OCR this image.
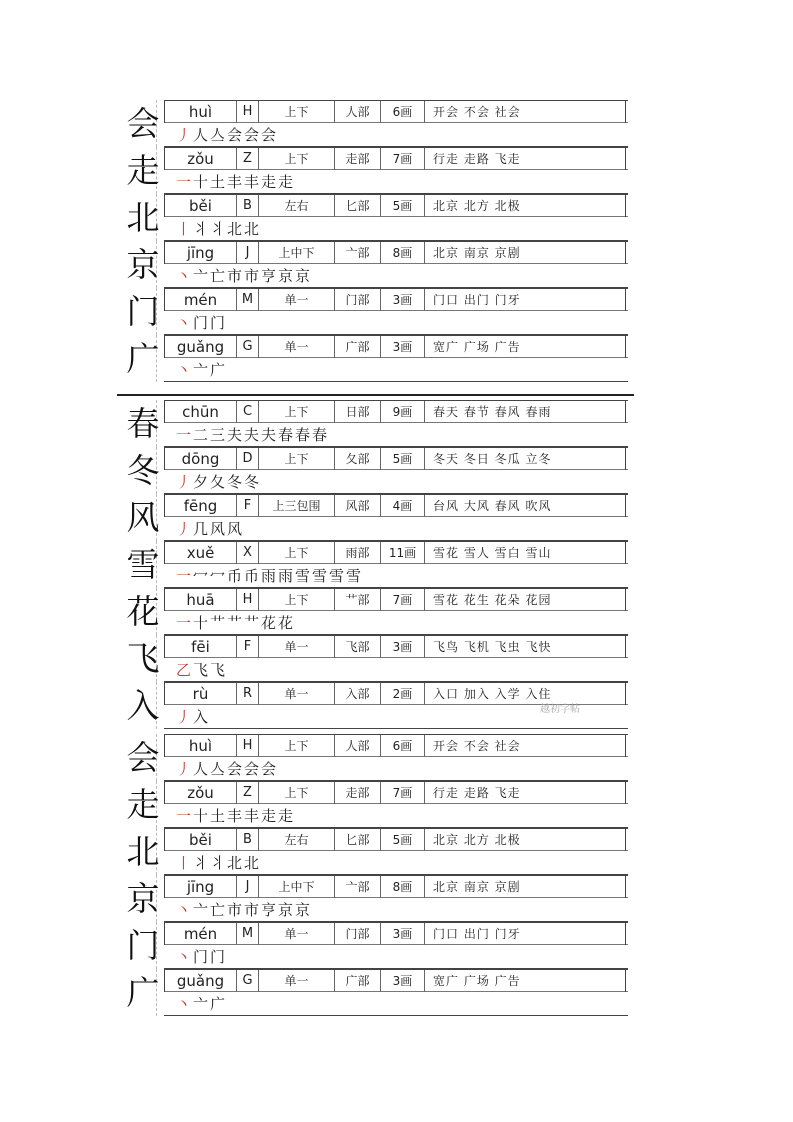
会	huì	H	上下	人部	6画	开会 不会 社会
丿人亼会会会
走	zǒu	Z	上下	走部	7画	行走 走路 飞走
一十土丰丰走走
北	běi	B	左右	匕部	5画	北京 北方 北极
丨丬丬北北
京	jīng	J	上中下	亠部	8画	北京 南京 京剧
丶亠亡市市亨京京
门	mén	M	单一	门部	3画	门口 出门 门牙
丶门门
广	guǎng	G	单一	广部	3画	宽广 广场 广告
丶亠广
春	chūn	C	上下	日部	9画	春天 春节 春风 春雨
一二三夫夫夫春春春
冬	dōng	D	上下	夂部	5画	冬天 冬日 冬瓜 立冬
丿夕夂冬冬
风	fēng	F	上三包围	风部	4画	台风 大风 春风 吹风
丿几风风
雪	xuě	X	上下	雨部	11画	雪花 雪人 雪白 雪山
一冖冖币币雨雨雪雪雪雪
花	huā	H	上下	艹部	7画	雪花 花生 花朵 花园
一十艹艹艹花花
飞	fēi	F	单一	飞部	3画	飞鸟 飞机 飞虫 飞快
乙飞飞
入	rù	R	单一	入部	2画	入口 加入 入学 入住
丿入
会	huì	H	上下	人部	6画	开会 不会 社会
丿人亼会会会
走	zǒu	Z	上下	走部	7画	行走 走路 飞走
一十土丰丰走走
北	běi	B	左右	匕部	5画	北京 北方 北极
丨丬丬北北
京	jīng	J	上中下	亠部	8画	北京 南京 京剧
丶亠亡市市亨京京
门	mén	M	单一	门部	3画	门口 出门 门牙
丶门门
广	guǎng	G	单一	广部	3画	宽广 广场 广告
丶亠广
越初字帖
